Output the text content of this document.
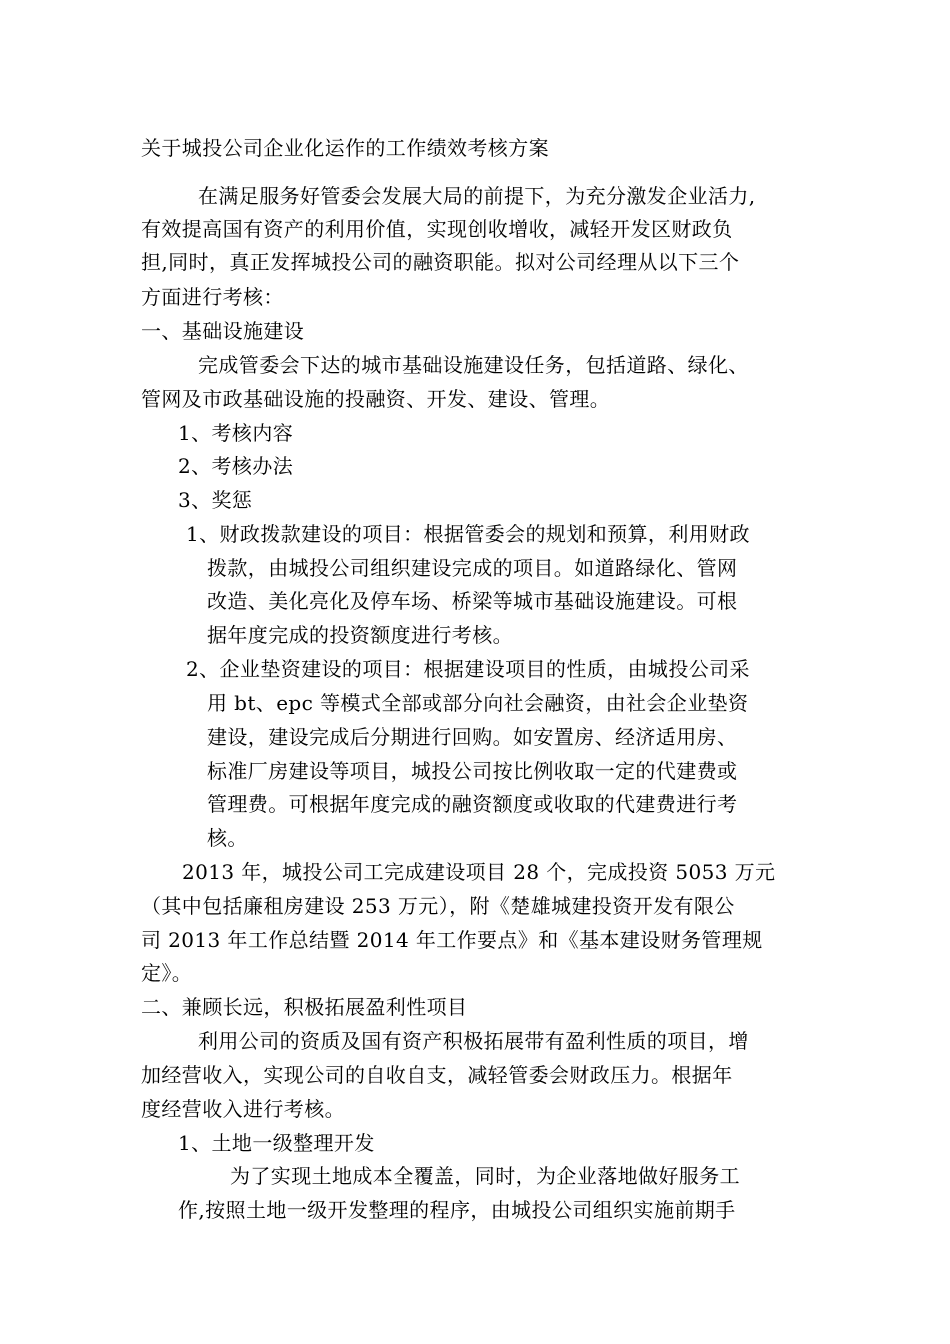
关于城投公司企业化运作的工作绩效考核方案
在满足服务好管委会发展大局的前提下，为充分激发企业活力,
有效提高国有资产的利用价值，实现创收增收，减轻开发区财政负
担,同时，真正发挥城投公司的融资职能。拟对公司经理从以下三个
方面进行考核：
一、基础设施建设
完成管委会下达的城市基础设施建设任务，包括道路、绿化、
管网及市政基础设施的投融资、开发、建设、管理。
1、考核内容
2、考核办法
3、奖惩
1、财政拨款建设的项目：根据管委会的规划和预算，利用财政
拨款，由城投公司组织建设完成的项目。如道路绿化、管网
改造、美化亮化及停车场、桥梁等城市基础设施建设。可根
据年度完成的投资额度进行考核。
2、企业垫资建设的项目：根据建设项目的性质，由城投公司采
用 bt、epc 等模式全部或部分向社会融资，由社会企业垫资
建设，建设完成后分期进行回购。如安置房、经济适用房、
标准厂房建设等项目，城投公司按比例收取一定的代建费或
管理费。可根据年度完成的融资额度或收取的代建费进行考
核。
2013 年，城投公司工完成建设项目 28 个，完成投资 5053 万元
（其中包括廉租房建设 253 万元），附《楚雄城建投资开发有限公
司 2013 年工作总结暨 2014 年工作要点》和《基本建设财务管理规
定》。
二、兼顾长远，积极拓展盈利性项目
利用公司的资质及国有资产积极拓展带有盈利性质的项目，增
加经营收入，实现公司的自收自支，减轻管委会财政压力。根据年
度经营收入进行考核。
1、土地一级整理开发
为了实现土地成本全覆盖，同时，为企业落地做好服务工
作,按照土地一级开发整理的程序，由城投公司组织实施前期手
